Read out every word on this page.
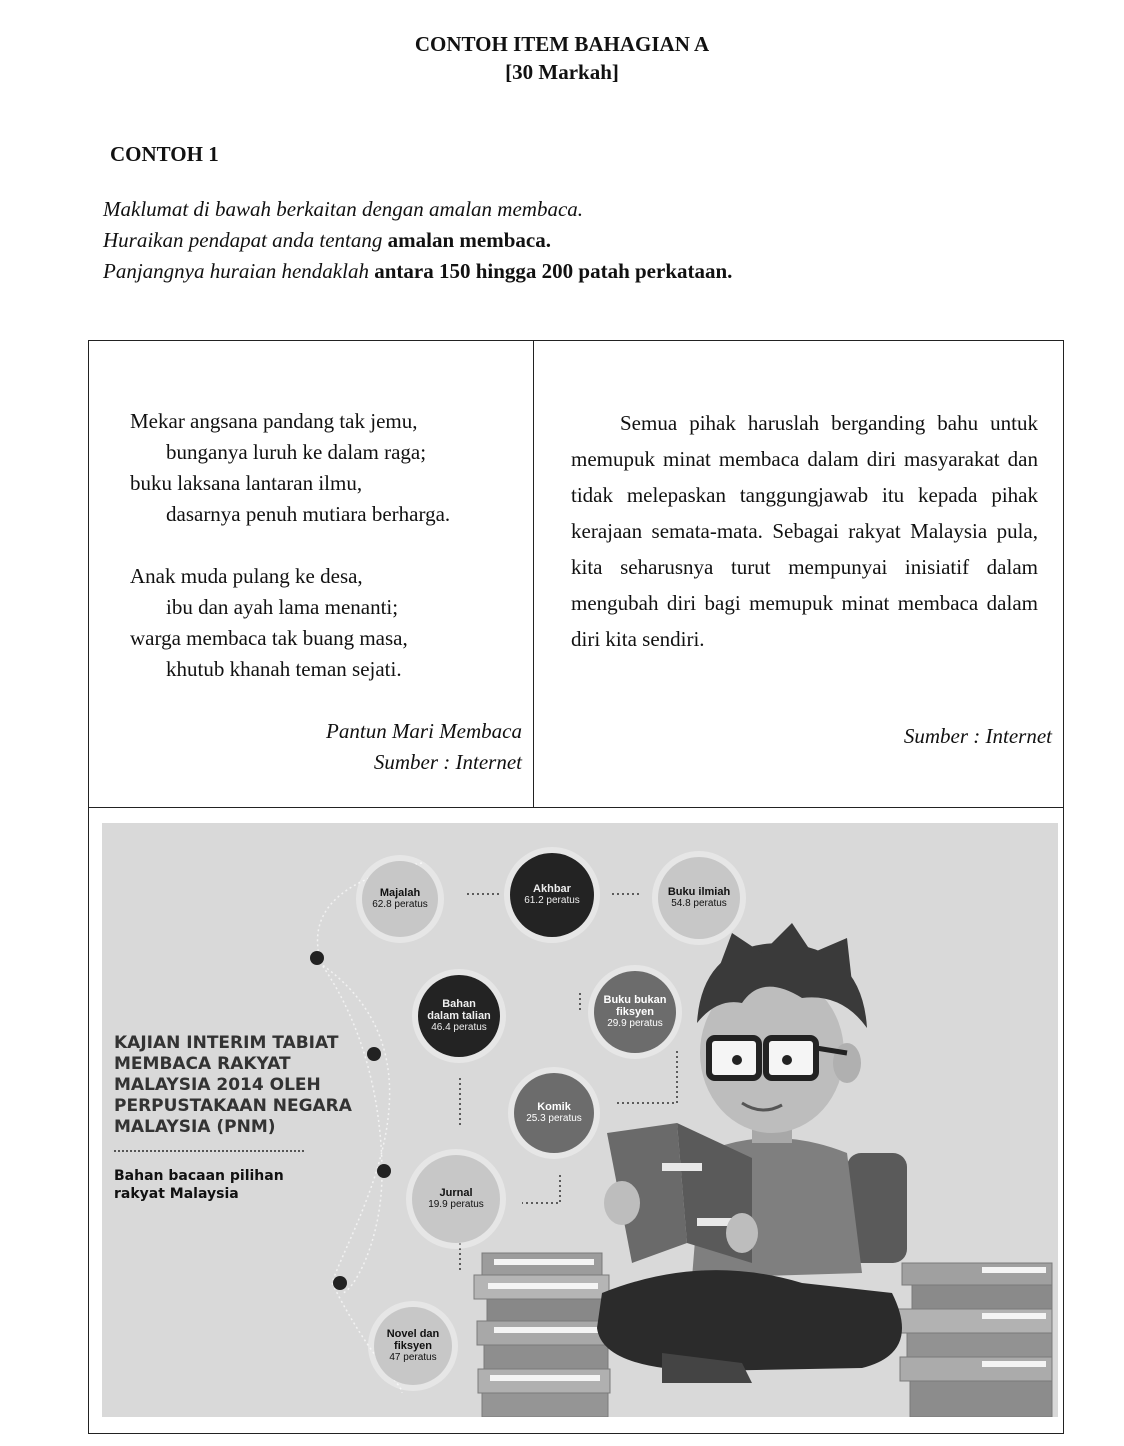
CONTOH ITEM BAHAGIAN A
[30 Markah]
CONTOH 1
Maklumat di bawah berkaitan dengan amalan membaca.
Huraikan pendapat anda tentang amalan membaca.
Panjangnya huraian hendaklah antara 150 hingga 200 patah perkataan.
Mekar angsana pandang tak jemu,
bunganya luruh ke dalam raga;
buku laksana lantaran ilmu,
dasarnya penuh mutiara berharga.
Anak muda pulang ke desa,
ibu dan ayah lama menanti;
warga membaca tak buang masa,
khutub khanah teman sejati.
Pantun Mari Membaca
Sumber : Internet
Semua pihak haruslah berganding bahu untuk memupuk minat membaca dalam diri masyarakat dan tidak melepaskan tanggungjawab itu kepada pihak kerajaan semata-mata. Sebagai rakyat Malaysia pula, kita seharusnya turut mempunyai inisiatif dalam mengubah diri bagi memupuk minat membaca dalam diri kita sendiri.
Sumber : Internet
Majalah
62.8 peratus
Akhbar
61.2 peratus
Buku ilmiah
54.8 peratus
Bahan dalam talian
46.4 peratus
Buku bukan fiksyen
29.9 peratus
Komik
25.3 peratus
Jurnal
19.9 peratus
Novel dan fiksyen
47 peratus
KAJIAN INTERIM TABIAT
MEMBACA RAKYAT
MALAYSIA 2014 OLEH
PERPUSTAKAAN NEGARA
MALAYSIA (PNM)
Bahan bacaan pilihan
rakyat Malaysia
